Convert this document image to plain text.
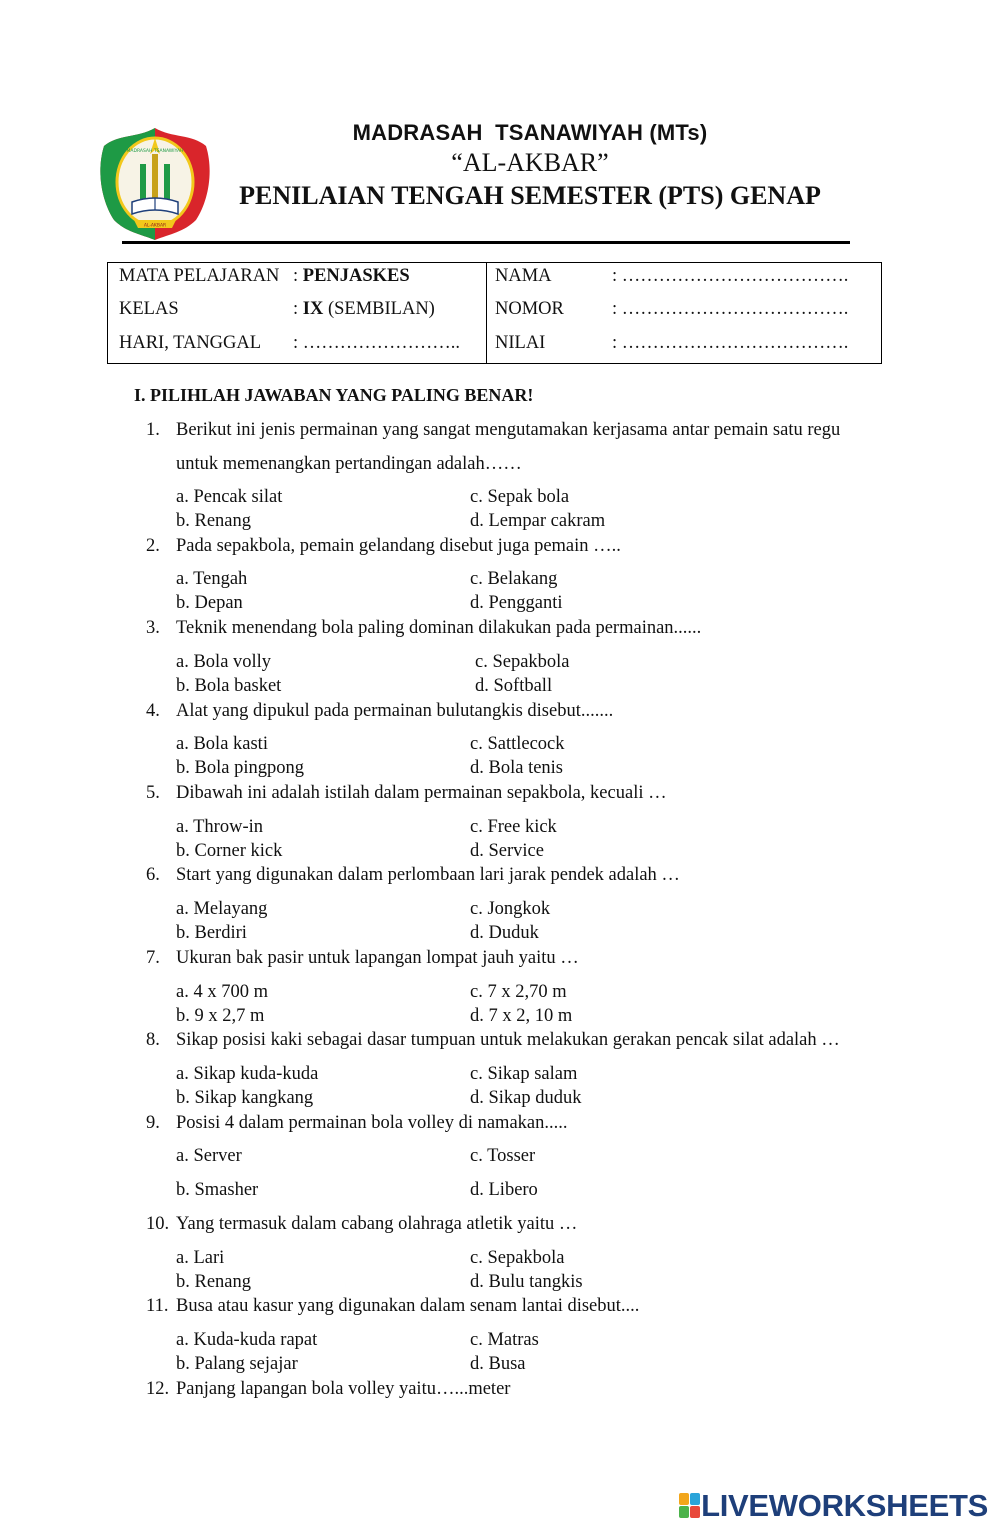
MADRASAH TSANAWIYAH
AL-AKBAR
MADRASAH  TSANAWIYAH (MTs)
“AL-AKBAR”
PENILAIAN TENGAH SEMESTER (PTS) GENAP
MATA PELAJARAN : PENJASKES
KELAS	: IX (SEMBILAN)
HARI, TANGGAL : ……………………..
NAMA	: ……………………………….
NOMOR	: ……………………………….
NILAI	: ……………………………….
I. PILIHLAH JAWABAN YANG PALING BENAR!
1. Berikut ini jenis permainan yang sangat mengutamakan kerjasama antar pemain satu regu
untuk memenangkan pertandingan adalah……
a. Pencak silat	c. Sepak bola
b. Renang	d. Lempar cakram
2. Pada sepakbola, pemain gelandang disebut juga pemain …..
a. Tengah	c. Belakang
b. Depan	d. Pengganti
3. Teknik menendang bola paling dominan dilakukan pada permainan......
a. Bola volly	c. Sepakbola
b. Bola basket	d. Softball
4. Alat yang dipukul pada permainan bulutangkis disebut.......
a. Bola kasti	c. Sattlecock
b. Bola pingpong	d. Bola tenis
5. Dibawah ini adalah istilah dalam permainan sepakbola, kecuali …
a. Throw-in	c. Free kick
b. Corner kick	d. Service
6. Start yang digunakan dalam perlombaan lari jarak pendek adalah …
a. Melayang	c. Jongkok
b. Berdiri	d. Duduk
7. Ukuran bak pasir untuk lapangan lompat jauh yaitu …
a. 4 x 700 m	c. 7 x 2,70 m
b. 9 x 2,7 m	d. 7 x 2, 10 m
8. Sikap posisi kaki sebagai dasar tumpuan untuk melakukan gerakan pencak silat adalah …
a. Sikap kuda-kuda	c. Sikap salam
b. Sikap kangkang	d. Sikap duduk
9. Posisi 4 dalam permainan bola volley di namakan.....
a. Server	c. Tosser
b. Smasher	d. Libero
10. Yang termasuk dalam cabang olahraga atletik yaitu …
a. Lari	c. Sepakbola
b. Renang	d. Bulu tangkis
11. Busa atau kasur yang digunakan dalam senam lantai disebut....
a. Kuda-kuda rapat	c. Matras
b. Palang sejajar	d. Busa
12. Panjang lapangan bola volley yaitu…...meter
LIVEWORKSHEETS
